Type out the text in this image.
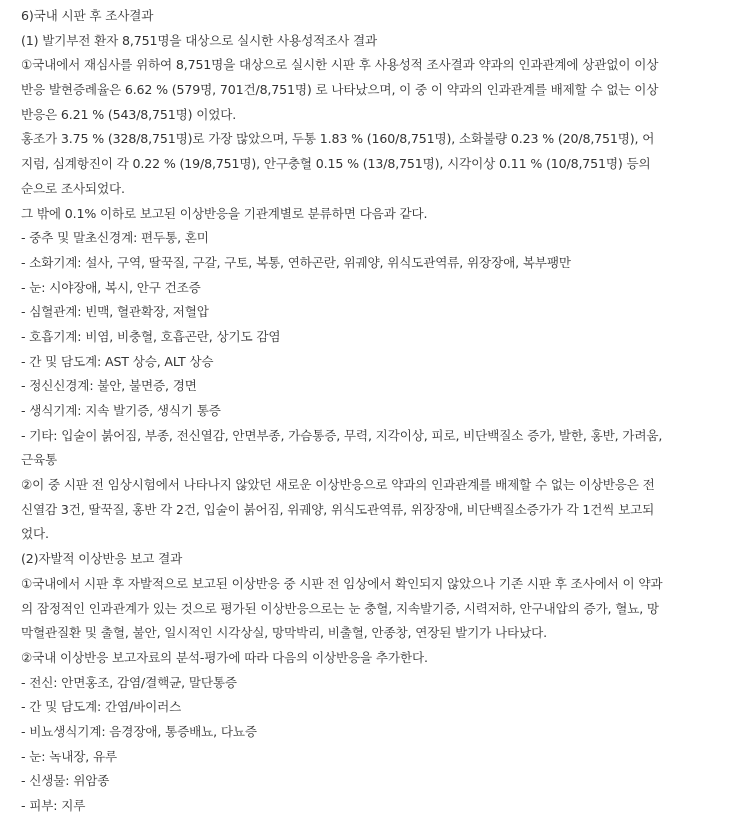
6)국내 시판 후 조사결과
(1) 발기부전 환자 8,751명을 대상으로 실시한 사용성적조사 결과
①국내에서 재심사를 위하여 8,751명을 대상으로 실시한 시판 후 사용성적 조사결과 약과의 인과관계에 상관없이 이상
반응 발현증례율은 6.62 % (579명, 701건/8,751명) 로 나타났으며, 이 중 이 약과의 인과관계를 배제할 수 없는 이상
반응은 6.21 % (543/8,751명) 이었다.
홍조가 3.75 % (328/8,751명)로 가장 많았으며, 두통 1.83 % (160/8,751명), 소화불량 0.23 % (20/8,751명), 어
지럼, 심계항진이 각 0.22 % (19/8,751명), 안구충혈 0.15 % (13/8,751명), 시각이상 0.11 % (10/8,751명) 등의
순으로 조사되었다.
그 밖에 0.1% 이하로 보고된 이상반응을 기관계별로 분류하면 다음과 같다.
- 중추 및 말초신경계: 편두통, 혼미
- 소화기계: 설사, 구역, 딸꾹질, 구갈, 구토, 복통, 연하곤란, 위궤양, 위식도관역류, 위장장애, 복부팽만
- 눈: 시야장애, 복시, 안구 건조증
- 심혈관계: 빈맥, 혈관확장, 저혈압
- 호흡기계: 비염, 비충혈, 호흡곤란, 상기도 감염
- 간 및 담도계: AST 상승, ALT 상승
- 정신신경계: 불안, 불면증, 경면
- 생식기계: 지속 발기증, 생식기 통증
- 기타: 입술이 붉어짐, 부종, 전신열감, 안면부종, 가슴통증, 무력, 지각이상, 피로, 비단백질소 증가, 발한, 홍반, 가려움,
근육통
②이 중 시판 전 임상시험에서 나타나지 않았던 새로운 이상반응으로 약과의 인과관계를 배제할 수 없는 이상반응은 전
신열감 3건, 딸꾹질, 홍반 각 2건, 입술이 붉어짐, 위궤양, 위식도관역류, 위장장애, 비단백질소증가가 각 1건씩 보고되
었다.
(2)자발적 이상반응 보고 결과
①국내에서 시판 후 자발적으로 보고된 이상반응 중 시판 전 임상에서 확인되지 않았으나 기존 시판 후 조사에서 이 약과
의 잠정적인 인과관계가 있는 것으로 평가된 이상반응으로는 눈 충혈, 지속발기증, 시력저하, 안구내압의 증가, 혈뇨, 망
막혈관질환 및 출혈, 불안, 일시적인 시각상실, 망막박리, 비출혈, 안종창, 연장된 발기가 나타났다.
②국내 이상반응 보고자료의 분석-평가에 따라 다음의 이상반응을 추가한다.
- 전신: 안면홍조, 감염/결핵균, 말단통증
- 간 및 담도계: 간염/바이러스
- 비뇨생식기계: 음경장애, 통증배뇨, 다뇨증
- 눈: 녹내장, 유루
- 신생물: 위암종
- 피부: 지루
